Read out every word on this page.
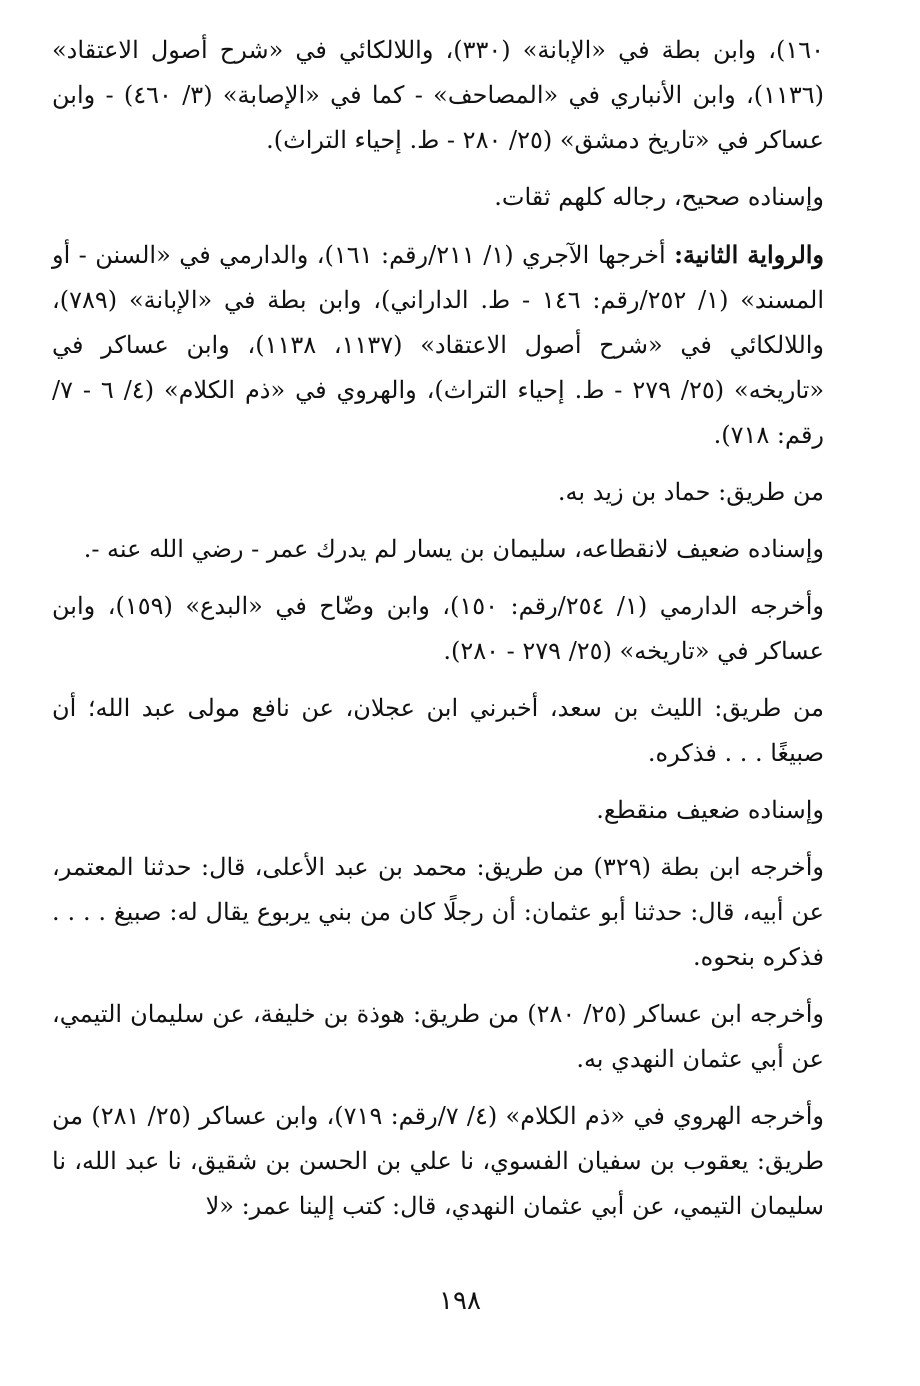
١٦٠)، وابن بطة في «الإبانة» (٣٣٠)، واللالكائي في «شرح أصول الاعتقاد» (١١٣٦)، وابن الأنباري في «المصاحف» - كما في «الإصابة» (٣/ ٤٦٠) - وابن عساكر في «تاريخ دمشق» (٢٥/ ٢٨٠ - ط. إحياء التراث).

وإسناده صحيح، رجاله كلهم ثقات.

والرواية الثانية: أخرجها الآجري (١/ ٢١١/رقم: ١٦١)، والدارمي في «السنن - أو المسند» (١/ ٢٥٢/رقم: ١٤٦ - ط. الداراني)، وابن بطة في «الإبانة» (٧٨٩)، واللالكائي في «شرح أصول الاعتقاد» (١١٣٧، ١١٣٨)، وابن عساكر في «تاريخه» (٢٥/ ٢٧٩ - ط. إحياء التراث)، والهروي في «ذم الكلام» (٤/ ٦ - ٧/رقم: ٧١٨).

من طريق: حماد بن زيد به.

وإسناده ضعيف لانقطاعه، سليمان بن يسار لم يدرك عمر - رضي الله عنه -.

وأخرجه الدارمي (١/ ٢٥٤/رقم: ١٥٠)، وابن وضّاح في «البدع» (١٥٩)، وابن عساكر في «تاريخه» (٢٥/ ٢٧٩ - ٢٨٠).

من طريق: الليث بن سعد، أخبرني ابن عجلان، عن نافع مولى عبد الله؛ أن صبيغًا . . . فذكره.

وإسناده ضعيف منقطع.

وأخرجه ابن بطة (٣٢٩) من طريق: محمد بن عبد الأعلى، قال: حدثنا المعتمر، عن أبيه، قال: حدثنا أبو عثمان: أن رجلًا كان من بني يربوع يقال له: صبيغ . . . . فذكره بنحوه.

وأخرجه ابن عساكر (٢٥/ ٢٨٠) من طريق: هوذة بن خليفة، عن سليمان التيمي، عن أبي عثمان النهدي به.

وأخرجه الهروي في «ذم الكلام» (٤/ ٧/رقم: ٧١٩)، وابن عساكر (٢٥/ ٢٨١) من طريق: يعقوب بن سفيان الفسوي، نا علي بن الحسن بن شقيق، نا عبد الله، نا سليمان التيمي، عن أبي عثمان النهدي، قال: كتب إلينا عمر: «لا

١٩٨
